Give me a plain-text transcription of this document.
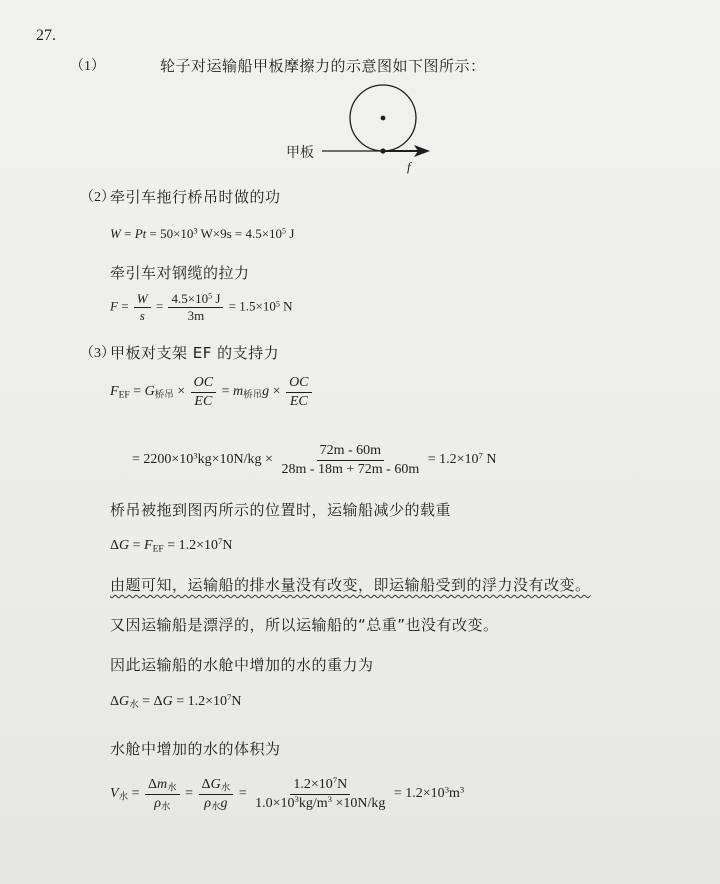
27.
（1）	轮子对运输船甲板摩擦力的示意图如下图所示：
甲板
f
（2）
牵引车拖行桥吊时做的功
$W = Pt = 50\times 10^3$ $W\times 9s = 4.5\times 10^5$ J
牵引车对钢缆的拉力
$F = \frac{W}{s} = \frac{4.5\times 10^5 J}{3m} = 1.5\times 10^5$ N
（3）
甲板对支架 EF 的支持力
$F_{EF} = G_{桥吊} \times \frac{OC}{EC} = m_{桥吊}g \times \frac{OC}{EC}$
= $2200\times 10^3kg\times 10N/kg \times \frac{72m - 60m}{28m - 18m + 72m - 60m} = 1.2\times 10^7$ N
桥吊被拖到图丙所示的位置时，运输船减少的载重
$\Delta G = F_{EF} = 1.2\times 10^7N$
由题可知，运输船的排水量没有改变，即运输船受到的浮力没有改变。
又因运输船是漂浮的，所以运输船的“总重”也没有改变。
因此运输船的水舱中增加的水的重力为
$\Delta G_水 = \Delta G = 1.2\times 10^7N$
水舱中增加的水的体积为
$V_水 = \frac{\Delta m_水}{\rho_水} = \frac{\Delta G_水}{\rho_水g} = \frac{1.2\times 10^7N}{1.0\times 10^3kg/m^3 \times 10N/kg} = 1.2\times 10^3m^3$
